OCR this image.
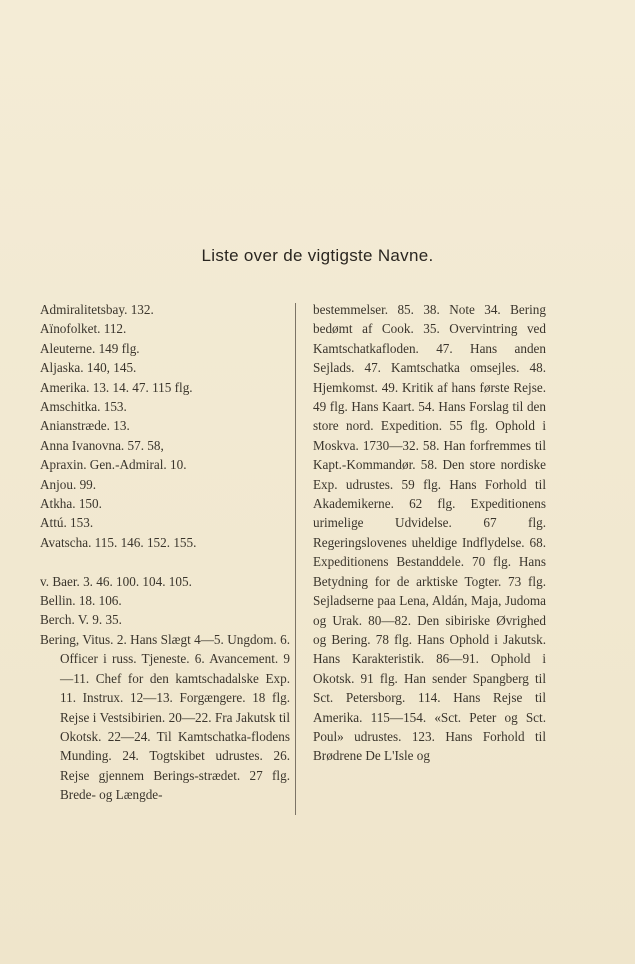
Liste over de vigtigste Navne.
Admiralitetsbay. 132.
Aïnofolket. 112.
Aleuterne. 149 flg.
Aljaska. 140, 145.
Amerika. 13. 14. 47. 115 flg.
Amschitka. 153.
Anianstræde. 13.
Anna Ivanovna. 57. 58,
Apraxin. Gen.-Admiral. 10.
Anjou. 99.
Atkha. 150.
Attú. 153.
Avatscha. 115. 146. 152. 155.
v. Baer. 3. 46. 100. 104. 105.
Bellin. 18. 106.
Berch. V. 9. 35.
Bering, Vitus. 2. Hans Slægt 4—5. Ungdom. 6. Officer i russ. Tjeneste. 6. Avancement. 9—11. Chef for den kamtschadalske Exp. 11. Instrux. 12—13. Forgængere. 18 flg. Rejse i Vestsibirien. 20—22. Fra Jakutsk til Okotsk. 22—24. Til Kamtschatka-flodens Munding. 24. Togtskibet udrustes. 26. Rejse gjennem Berings-strædet. 27 flg. Brede- og Længde-
bestemmelser. 85. 38. Note 34. Bering bedømt af Cook. 35. Overvintring ved Kamtschatkafloden. 47. Hans anden Sejlads. 47. Kamtschatka omsejles. 48. Hjemkomst. 49. Kritik af hans første Rejse. 49 flg. Hans Kaart. 54. Hans Forslag til den store nord. Expedition. 55 flg. Ophold i Moskva. 1730—32. 58. Han forfremmes til Kapt.-Kommandør. 58. Den store nordiske Exp. udrustes. 59 flg. Hans Forhold til Akademikerne. 62 flg. Expeditionens urimelige Udvidelse. 67 flg. Regeringslovenes uheldige Indflydelse. 68. Expeditionens Bestanddele. 70 flg. Hans Betydning for de arktiske Togter. 73 flg. Sejladserne paa Lena, Aldán, Maja, Judoma og Urak. 80—82. Den sibiriske Øvrighed og Bering. 78 flg. Hans Ophold i Jakutsk. Hans Karakteristik. 86—91. Ophold i Okotsk. 91 flg. Han sender Spangberg til Sct. Petersborg. 114. Hans Rejse til Amerika. 115—154. «Sct. Peter og Sct. Poul» udrustes. 123. Hans Forhold til Brødrene De L'Isle og
